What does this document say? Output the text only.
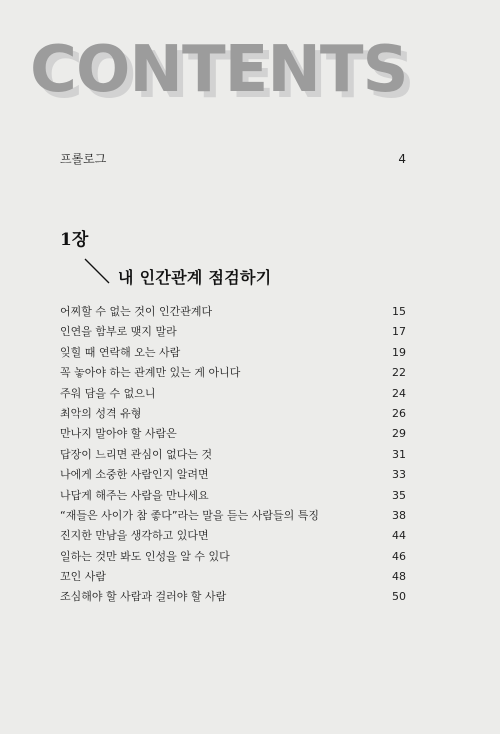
CONTENTS
프롤로그	4
1장
내 인간관계 점검하기
어찌할 수 없는 것이 인간관계다	15
인연을 함부로 맺지 말라	17
잊힐 때 연락해 오는 사람	19
꼭 놓아야 하는 관계만 있는 게 아니다	22
주워 담을 수 없으니	24
최악의 성격 유형	26
만나지 말아야 할 사람은	29
답장이 느리면 관심이 없다는 것	31
나에게 소중한 사람인지 알려면	33
나답게 해주는 사람을 만나세요	35
“재들은 사이가 참 좋다”라는 말을 듣는 사람들의 특징	38
진지한 만남을 생각하고 있다면	44
일하는 것만 봐도 인성을 알 수 있다	46
꼬인 사람	48
조심해야 할 사람과 걸러야 할 사람	50
